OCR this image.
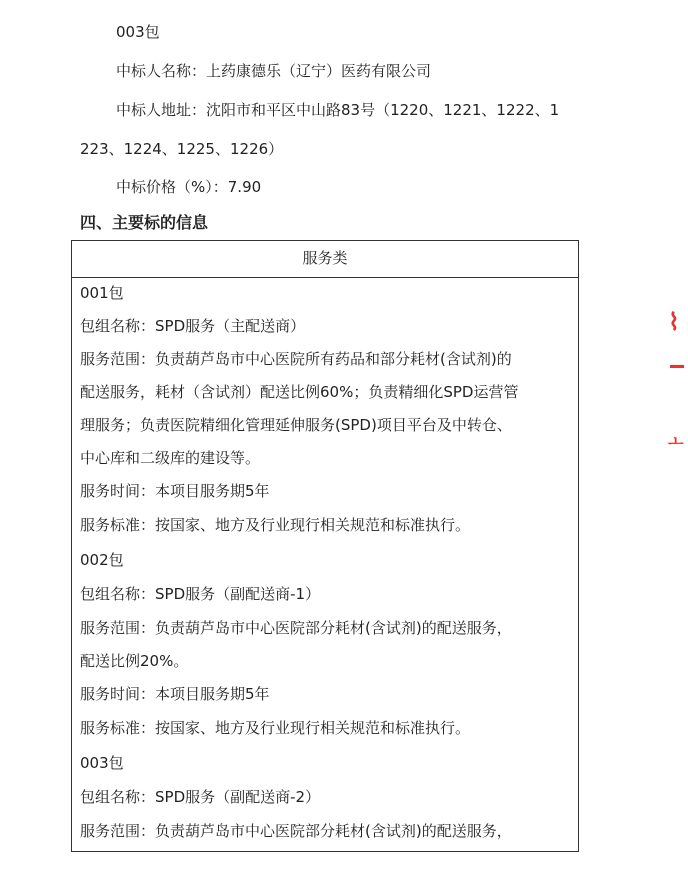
003包
中标人名称：上药康德乐（辽宁）医药有限公司
中标人地址：沈阳市和平区中山路83号（1220、1221、1222、1
223、1224、1225、1226）
中标价格（%）：7.90
四、主要标的信息
服务类
001包
包组名称：SPD服务（主配送商）
服务范围：负责葫芦岛市中心医院所有药品和部分耗材(含试剂)的
配送服务，耗材（含试剂）配送比例60%；负责精细化SPD运营管
理服务；负责医院精细化管理延伸服务(SPD)项目平台及中转仓、
中心库和二级库的建设等。
服务时间：本项目服务期5年
服务标准：按国家、地方及行业现行相关规范和标准执行。
002包
包组名称：SPD服务（副配送商-1）
服务范围：负责葫芦岛市中心医院部分耗材(含试剂)的配送服务，
配送比例20%。
服务时间：本项目服务期5年
服务标准：按国家、地方及行业现行相关规范和标准执行。
003包
包组名称：SPD服务（副配送商-2）
服务范围：负责葫芦岛市中心医院部分耗材(含试剂)的配送服务，
⌇
ㅗ
